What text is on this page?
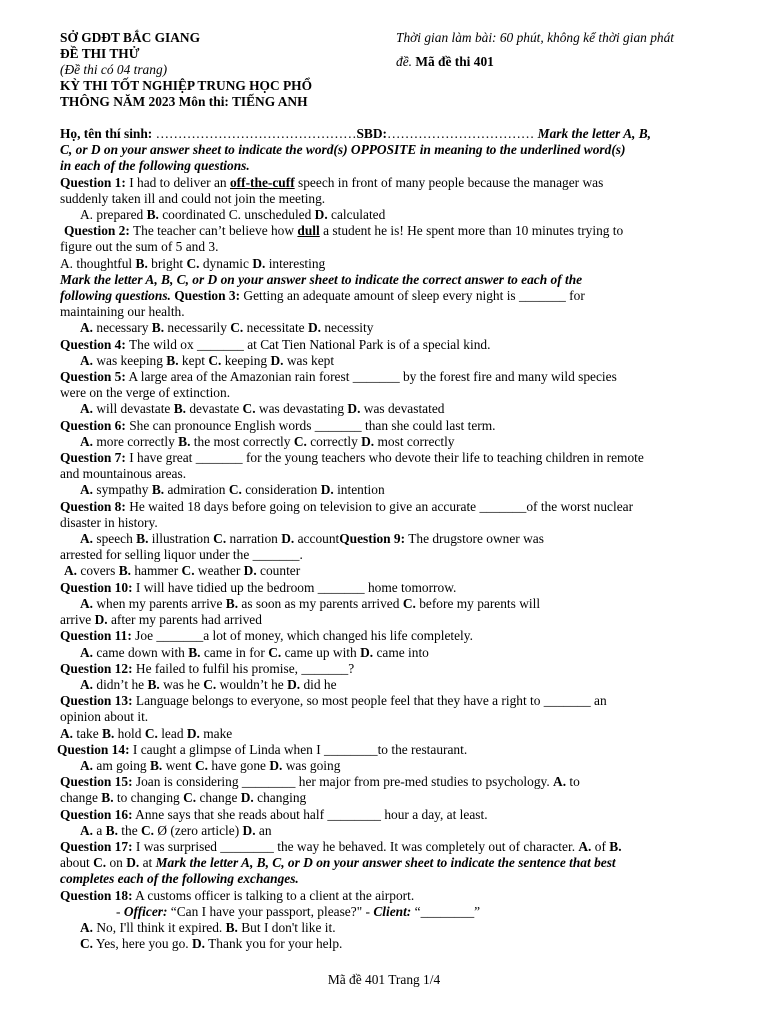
SỞ GDĐT BẮC GIANG
ĐỀ THI THỬ
(Đề thi có 04 trang)
KỲ THI TỐT NGHIỆP TRUNG HỌC PHỔ
THÔNG NĂM 2023 Môn thi: TIẾNG ANH
Thời gian làm bài: 60 phút, không kể thời gian phát
đề. Mã đề thi 401
Họ, tên thí sinh: ………………………………………SBD:…………………………… Mark the letter A, B,
C, or D on your answer sheet to indicate the word(s) OPPOSITE in meaning to the underlined word(s)
in each of the following questions.
Question 1: I had to deliver an off-the-cuff speech in front of many people because the manager was
suddenly taken ill and could not join the meeting.
A. prepared B. coordinated C. unscheduled D. calculated
Question 2: The teacher can’t believe how dull a student he is! He spent more than 10 minutes trying to
figure out the sum of 5 and 3.
A. thoughtful B. bright C. dynamic D. interesting
Mark the letter A, B, C, or D on your answer sheet to indicate the correct answer to each of the
following questions. Question 3: Getting an adequate amount of sleep every night is _______ for
maintaining our health.
A. necessary B. necessarily C. necessitate D. necessity
Question 4: The wild ox _______ at Cat Tien National Park is of a special kind.
A. was keeping B. kept C. keeping D. was kept
Question 5: A large area of the Amazonian rain forest _______ by the forest fire and many wild species
were on the verge of extinction.
A. will devastate B. devastate C. was devastating D. was devastated
Question 6: She can pronounce English words _______ than she could last term.
A. more correctly B. the most correctly C. correctly D. most correctly
Question 7: I have great _______ for the young teachers who devote their life to teaching children in remote
and mountainous areas.
A. sympathy B. admiration C. consideration D. intention
Question 8: He waited 18 days before going on television to give an accurate _______of the worst nuclear
disaster in history.
A. speech B. illustration C. narration D. accountQuestion 9: The drugstore owner was
arrested for selling liquor under the _______.
A. covers B. hammer C. weather D. counter
Question 10: I will have tidied up the bedroom _______ home tomorrow.
A. when my parents arrive B. as soon as my parents arrived C. before my parents will
arrive D. after my parents had arrived
Question 11: Joe _______a lot of money, which changed his life completely.
A. came down with B. came in for C. came up with D. came into
Question 12: He failed to fulfil his promise, _______?
A. didn’t he B. was he C. wouldn’t he D. did he
Question 13: Language belongs to everyone, so most people feel that they have a right to _______ an
opinion about it.
A. take B. hold C. lead D. make
Question 14: I caught a glimpse of Linda when I ________to the restaurant.
A. am going B. went C. have gone D. was going
Question 15: Joan is considering ________ her major from pre-med studies to psychology. A. to
change B. to changing C. change D. changing
Question 16: Anne says that she reads about half ________ hour a day, at least.
A. a B. the C. Ø (zero article) D. an
Question 17: I was surprised ________ the way he behaved. It was completely out of character. A. of B.
about C. on D. at Mark the letter A, B, C, or D on your answer sheet to indicate the sentence that best
completes each of the following exchanges.
Question 18: A customs officer is talking to a client at the airport.
- Officer: “Can I have your passport, please?" - Client: “________”
A. No, I'll think it expired. B. But I don't like it.
C. Yes, here you go. D. Thank you for your help.
Mã đề 401 Trang 1/4
